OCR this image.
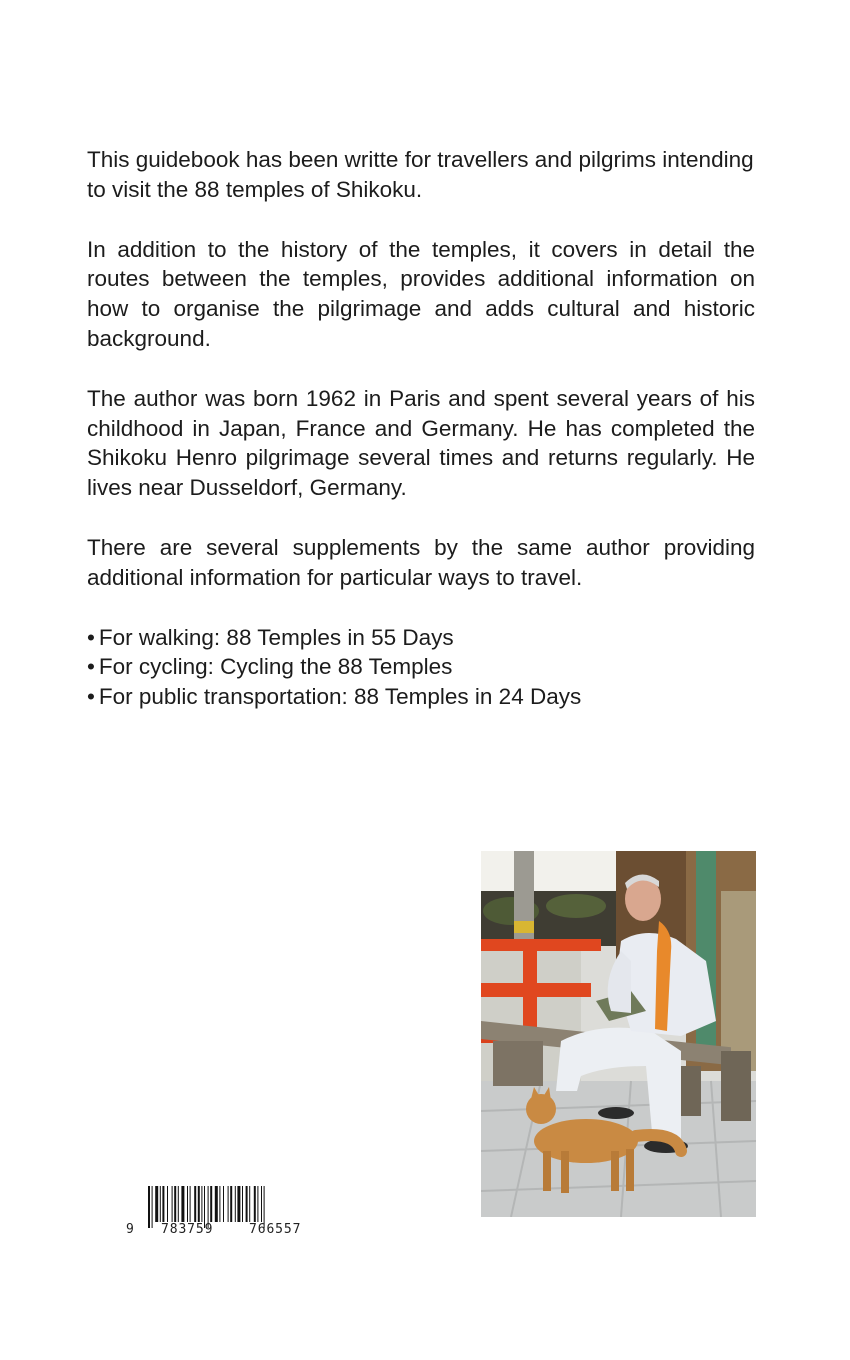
This guidebook has been writte for travellers and pilgrims intending to visit the 88 temples of Shikoku.

In addition to the history of the temples, it covers in detail the routes between the temples, provides additional information on how to organise the pilgrimage and adds cultural and historic background.

The author was born 1962 in Paris and spent several years of his childhood in Japan, France and Germany. He has completed the Shikoku Henro pilgrimage several times and returns regularly. He lives near Dusseldorf, Germany.

There are several supplements by the same author providing additional information for particular ways to travel.

• For walking: 88 Temples in 55 Days
• For cycling: Cycling the 88 Temples
• For public transportation: 88 Temples in 24 Days
9 783759	766557
